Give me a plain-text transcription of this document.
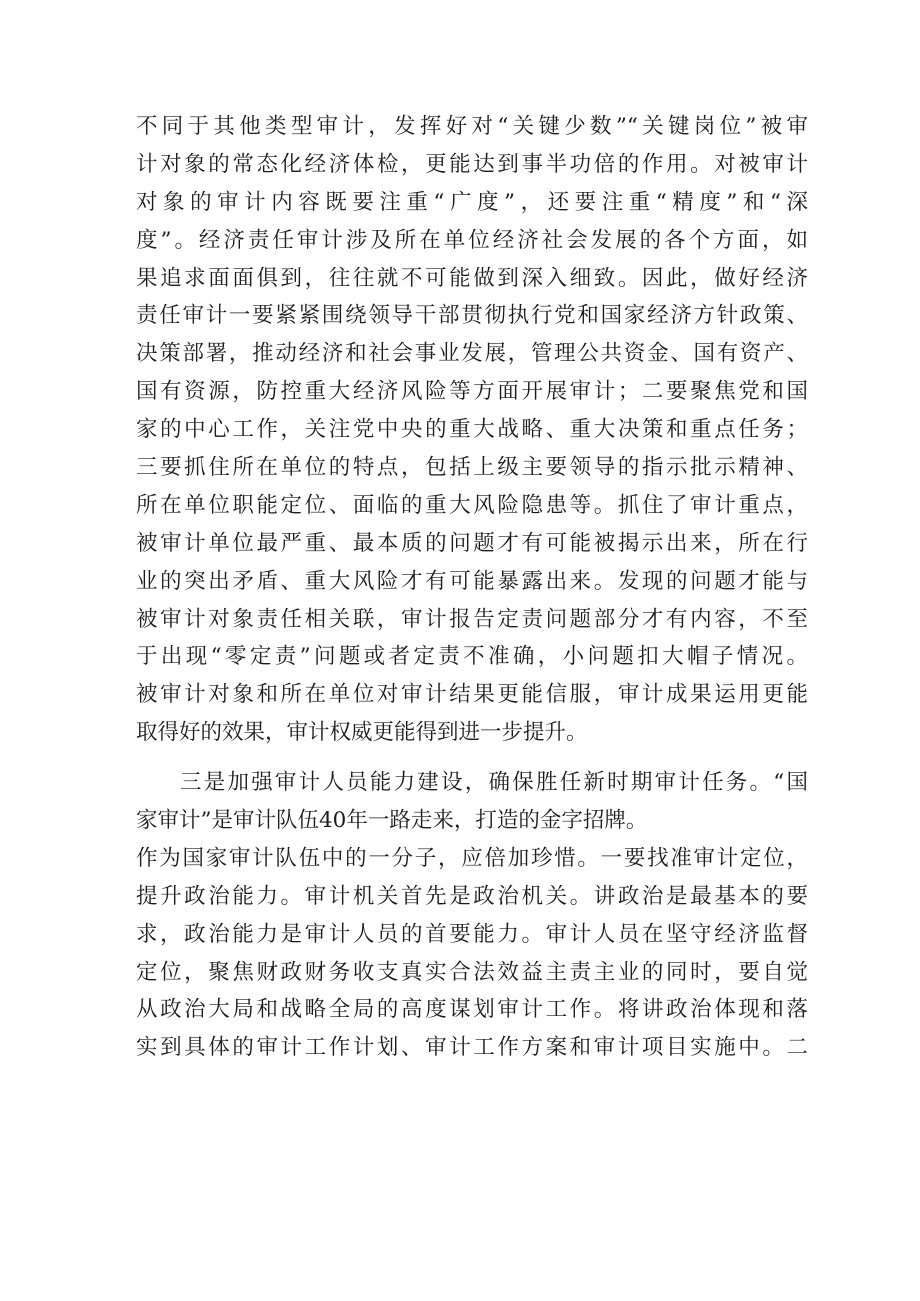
不同于其他类型审计，发挥好对“关键少数”“关键岗位”被审
计对象的常态化经济体检，更能达到事半功倍的作用。对被审计
对象的审计内容既要注重“广度”，还要注重“精度”和“深
度”。经济责任审计涉及所在单位经济社会发展的各个方面，如
果追求面面俱到，往往就不可能做到深入细致。因此，做好经济
责任审计一要紧紧围绕领导干部贯彻执行党和国家经济方针政策、
决策部署，推动经济和社会事业发展，管理公共资金、国有资产、
国有资源，防控重大经济风险等方面开展审计；二要聚焦党和国
家的中心工作，关注党中央的重大战略、重大决策和重点任务；
三要抓住所在单位的特点，包括上级主要领导的指示批示精神、
所在单位职能定位、面临的重大风险隐患等。抓住了审计重点，
被审计单位最严重、最本质的问题才有可能被揭示出来，所在行
业的突出矛盾、重大风险才有可能暴露出来。发现的问题才能与
被审计对象责任相关联，审计报告定责问题部分才有内容，不至
于出现“零定责”问题或者定责不准确，小问题扣大帽子情况。
被审计对象和所在单位对审计结果更能信服，审计成果运用更能
取得好的效果，审计权威更能得到进一步提升。
三是加强审计人员能力建设，确保胜任新时期审计任务。“国
家审计”是审计队伍40年一路走来，打造的金字招牌。
作为国家审计队伍中的一分子，应倍加珍惜。一要找准审计定位，
提升政治能力。审计机关首先是政治机关。讲政治是最基本的要
求，政治能力是审计人员的首要能力。审计人员在坚守经济监督
定位，聚焦财政财务收支真实合法效益主责主业的同时，要自觉
从政治大局和战略全局的高度谋划审计工作。将讲政治体现和落
实到具体的审计工作计划、审计工作方案和审计项目实施中。二
